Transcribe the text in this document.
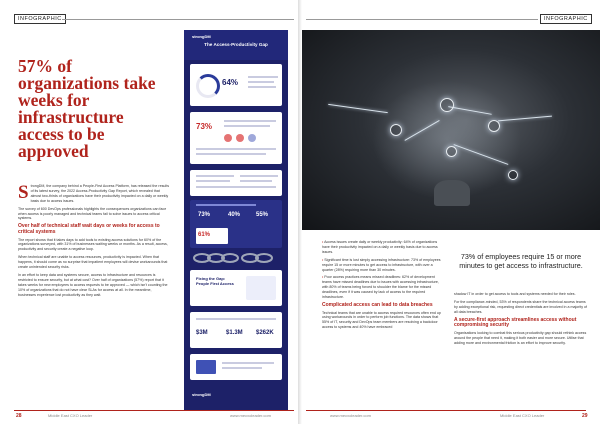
INFOGRAPHIC
57% of organizations take weeks for infrastructure access to be approved

StrongDM, the company behind a People-First Access Platform, has released the results of its latest survey, the 2022 Access-Productivity Gap Report, which revealed that almost two-thirds of organizations have their productivity impacted on a daily or weekly basis due to access issues.

The survey of 600 DevOps professionals highlights the consequences organizations can face when access is poorly managed and technical teams fail to solve issues to access critical systems.

Over half of technical staff wait days or weeks for access to critical systems

The report shows that it takes days to add tools to existing access solutions for 60% of the organizations surveyed, with 31% of businesses waiting weeks or months. As a result, access, productivity and security create a negative loop.

When technical staff are unable to access resources, productivity is impacted. When that happens, it should come as no surprise that impatient employees will devise workarounds that create unintended security risks.

In an effort to keep data and systems secure, access to infrastructure and resources is restricted to ensure security, but at what cost? Over half of organizations (57%) report that it takes weeks for new employees to access requests to be approved — which isn't counting the 10% of organizations that do not have clear SLAs for access at all. In the meantime, businesses experience lost productivity as they wait.

strongDM
The Access-Productivity Gap
64%
73%
73%	40%	55%
61%
Fixing the Gap: People First Access
$3M	$1.3M $262K
strongDM
28	Middle East CXO Leader	www.mecxoleader.com
INFOGRAPHIC

• Access issues create daily or weekly productivity: 64% of organizations have their productivity impacted on a daily or weekly basis due to access issues.

• Significant time is lost simply accessing infrastructure: 73% of employees require 15 or more minutes to get access to infrastructure, with over a quarter (28%) requiring more than 30 minutes.

• Poor access practices means missed deadlines: 62% of development teams have missed deadlines due to issues with accessing infrastructure, with 80% of teams being forced to shoulder the blame for the missed deadlines, even if it was caused by lack of access to the required infrastructure.

Complicated access can lead to data breaches

Technical teams that are unable to access required resources often end up using workarounds in order to perform job functions. The data shows that 55% of IT, security and DevOps team members are resolving a backdoor access to systems and 40% have embraced

73% of employees require 15 or more minutes to get access to infrastructure.

shadow IT in order to get access to tools and systems needed for their roles.

For the compliance-minded, 53% of respondents share the technical access teams by adding exceptional risk, requesting direct credentials are involved in a majority of all data breaches.

A secure-first approach streamlines access without compromising security

Organisations looking to combat this serious productivity gap should rethink access around the people that need it, making it both easier and more secure. Utilise that adding more and environmental friction is an effort to improve security.

www.mecxoleader.com	Middle East CXO Leader	29
